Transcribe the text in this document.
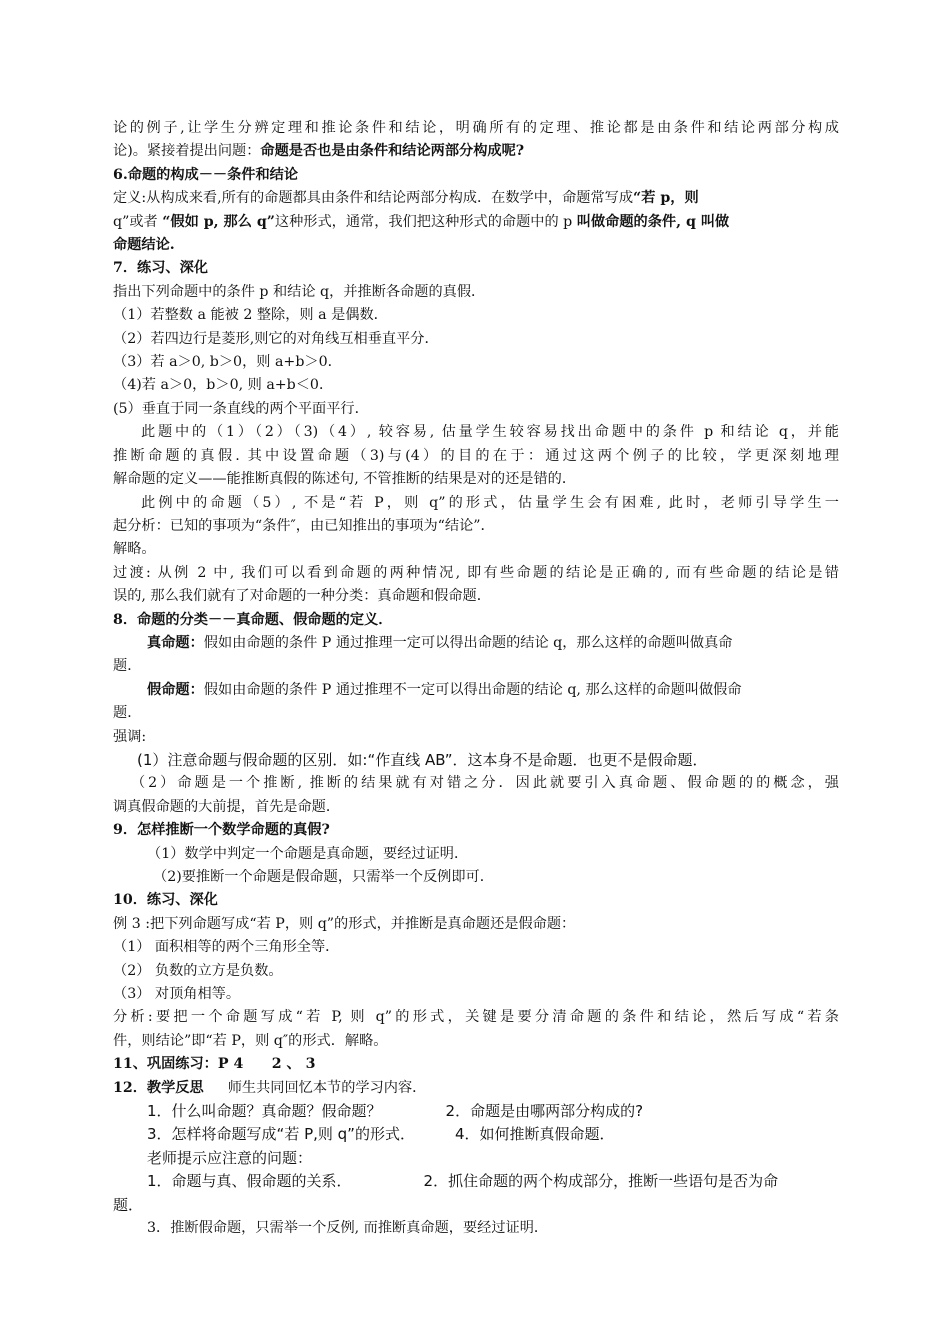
论的例子,让学生分辨定理和推论条件和结论，明确所有的定理、推论都是由条件和结论两部分构成
论)。紧接着提出问题：命题是否也是由条件和结论两部分构成呢?
6.命题的构成－－条件和结论
定义:从构成来看,所有的命题都具由条件和结论两部分构成．在数学中，命题常写成“若 p，则
q”或者 “假如 p, 那么 q”这种形式，通常，我们把这种形式的命题中的 p 叫做命题的条件, q 叫做
命题结论.
7．练习、深化
指出下列命题中的条件 p 和结论 q，并推断各命题的真假．
（1）若整数 a 能被 2 整除，则 a 是偶数．
（2）若四边行是菱形,则它的对角线互相垂直平分．
（3）若 a＞0, b＞0，则 a+b＞0．
（4)若 a＞0，b＞0, 则 a+b＜0．
(5）垂直于同一条直线的两个平面平行．
此题中的（1）（2）（3)（4）, 较容易, 估量学生较容易找出命题中的条件 p 和结论 q，并能
推断命题的真假. 其中设置命题（3)与(4）的目的在于：通过这两个例子的比较，学更深刻地理
解命题的定义——能推断真假的陈述句, 不管推断的结果是对的还是错的．
此例中的命题（5）, 不是“若 P，则 q”的形式，估量学生会有困难, 此时，老师引导学生一
起分析：已知的事项为“条件″，由已知推出的事项为“结论”．
解略。
过渡: 从例 2 中, 我们可以看到命题的两种情况, 即有些命题的结论是正确的, 而有些命题的结论是错
误的, 那么我们就有了对命题的一种分类：真命题和假命题．
8．命题的分类－－真命题、假命题的定义．
真命题：假如由命题的条件 P 通过推理一定可以得出命题的结论 q，那么这样的命题叫做真命
题．
假命题：假如由命题的条件 P 通过推理不一定可以得出命题的结论 q, 那么这样的命题叫做假命
题．
强调:
(1）注意命题与假命题的区别．如:“作直线 AB”．这本身不是命题．也更不是假命题．
（2）命题是一个推断, 推断的结果就有对错之分．因此就要引入真命题、假命题的的概念，强
调真假命题的大前提，首先是命题．
9．怎样推断一个数学命题的真假?
（1）数学中判定一个命题是真命题，要经过证明．
（2)要推断一个命题是假命题，只需举一个反例即可．
10．练习、深化
例 3 :把下列命题写成“若 P，则 q”的形式，并推断是真命题还是假命题：
（1） 面积相等的两个三角形全等．
（2） 负数的立方是负数。
（3） 对顶角相等。
分析:要把一个命题写成“若 P, 则 q”的形式，关键是要分清命题的条件和结论，然后写成“若条
件，则结论”即“若 P，则 q″的形式．解略。
11、巩固练习：P 4　　2 、 3
12．教学反思 师生共同回忆本节的学习内容．
1．什么叫命题？真命题？假命题？	2．命题是由哪两部分构成的?
3．怎样将命题写成“若 P,则 q”的形式．	4．如何推断真假命题．
老师提示应注意的问题：
1．命题与真、假命题的关系．	2．抓住命题的两个构成部分，推断一些语句是否为命
题．
3．推断假命题，只需举一个反例, 而推断真命题，要经过证明．
